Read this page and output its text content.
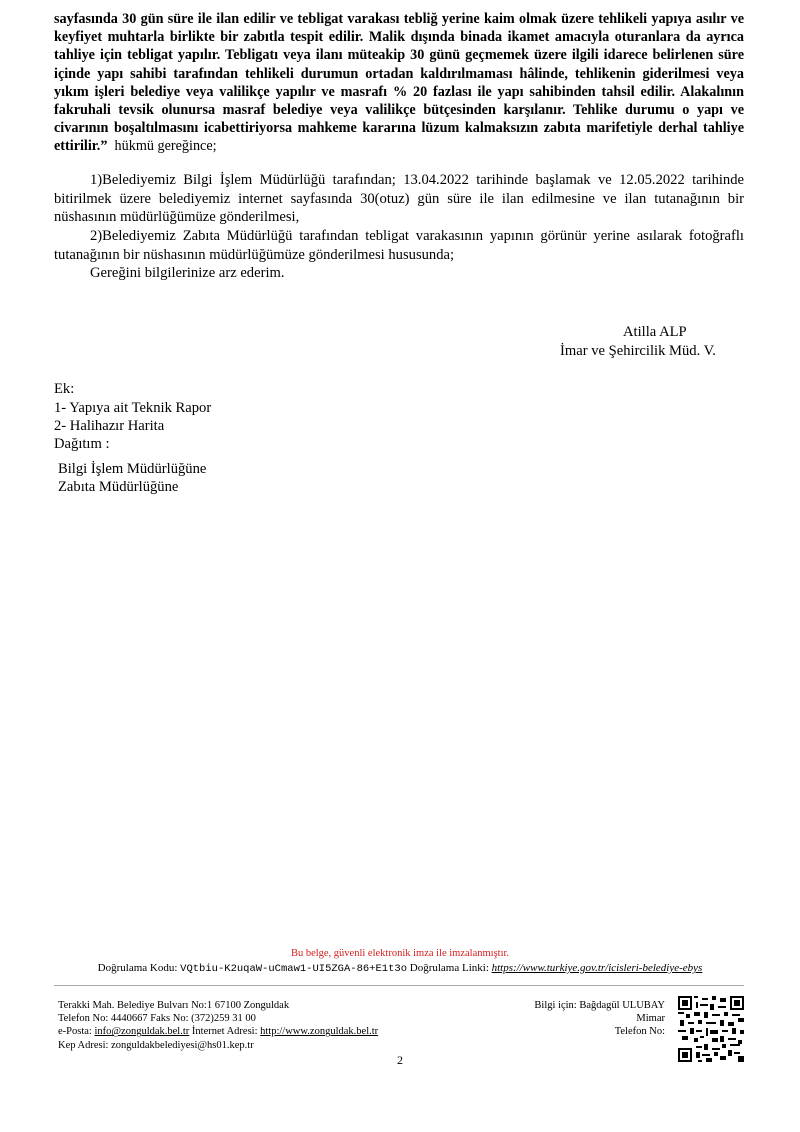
sayfasında 30 gün süre ile ilan edilir ve tebligat varakası tebliğ yerine kaim olmak üzere tehlikeli yapıya asılır ve keyfiyet muhtarla birlikte bir zabıtla tespit edilir. Malik dışında binada ikamet amacıyla oturanlara da ayrıca tahliye için tebligat yapılır. Tebligatı veya ilanı müteakip 30 günü geçmemek üzere ilgili idarece belirlenen süre içinde yapı sahibi tarafından tehlikeli durumun ortadan kaldırılmaması hâlinde, tehlikenin giderilmesi veya yıkım işleri belediye veya valilikçe yapılır ve masrafı % 20 fazlası ile yapı sahibinden tahsil edilir. Alakalının fakruhali tevsik olunursa masraf belediye veya valilikçe bütçesinden karşılanır. Tehlike durumu o yapı ve civarının boşaltılmasını icabettiriyorsa mahkeme kararına lüzum kalmaksızın zabıta marifetiyle derhal tahliye ettirilir.”  hükmü gereğince;
1)Belediyemiz Bilgi İşlem Müdürlüğü tarafından; 13.04.2022 tarihinde başlamak ve 12.05.2022 tarihinde bitirilmek üzere belediyemiz internet sayfasında 30(otuz) gün süre ile ilan edilmesine ve ilan tutanağının bir nüshasının müdürlüğümüze gönderilmesi,
2)Belediyemiz Zabıta Müdürlüğü tarafından tebligat varakasının yapının görünür yerine asılarak fotoğraflı tutanağının bir nüshasının müdürlüğümüze gönderilmesi hususunda;
Gereğini bilgilerinize arz ederim.
Atilla ALP
İmar ve Şehircilik Müd. V.
Ek:
1- Yapıya ait Teknik Rapor
2- Halihazır Harita
Dağıtım :
Bilgi İşlem Müdürlüğüne
Zabıta Müdürlüğüne
Bu belge, güvenli elektronik imza ile imzalanmıştır.
Doğrulama Kodu: VQtbiu-K2uqaW-uCmaw1-UI5ZGA-86+E1t3o Doğrulama Linki: https://www.turkiye.gov.tr/icisleri-belediye-ebys
Terakki Mah. Belediye Bulvarı No:1 67100 Zonguldak
Telefon No: 4440667 Faks No: (372)259 31 00
e-Posta: info@zonguldak.bel.tr İnternet Adresi: http://www.zonguldak.bel.tr
Kep Adresi: zonguldakbelediyesi@hs01.kep.tr
Bilgi için: Bağdagül ULUBAY
Mimar
Telefon No:
2
